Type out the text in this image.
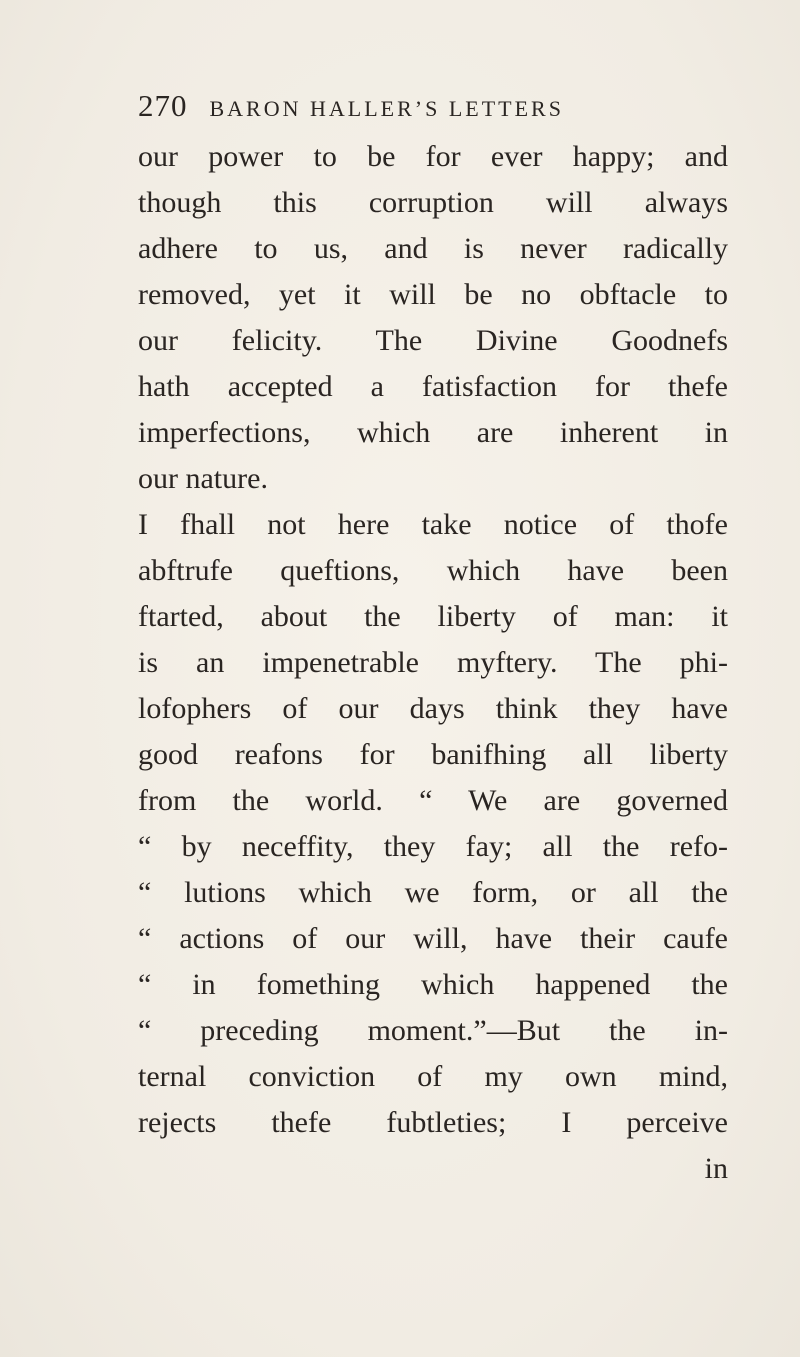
270 BARON HALLER’S LETTERS
our power to be for ever happy; and
though this corruption will always
adhere to us, and is never radically
removed, yet it will be no obftacle to
our felicity. The Divine Goodnefs
hath accepted a fatisfaction for thefe
imperfections, which are inherent in
our nature.
I fhall not here take notice of thofe
abftrufe queftions, which have been
ftarted, about the liberty of man: it
is an impenetrable myftery. The phi-
lofophers of our days think they have
good reafons for banifhing all liberty
from the world. “ We are governed
“ by neceffity, they fay; all the refo-
“ lutions which we form, or all the
“ actions of our will, have their caufe
“ in fomething which happened the
“ preceding moment.”—But the in-
ternal conviction of my own mind,
rejects thefe fubtleties; I perceive
in
